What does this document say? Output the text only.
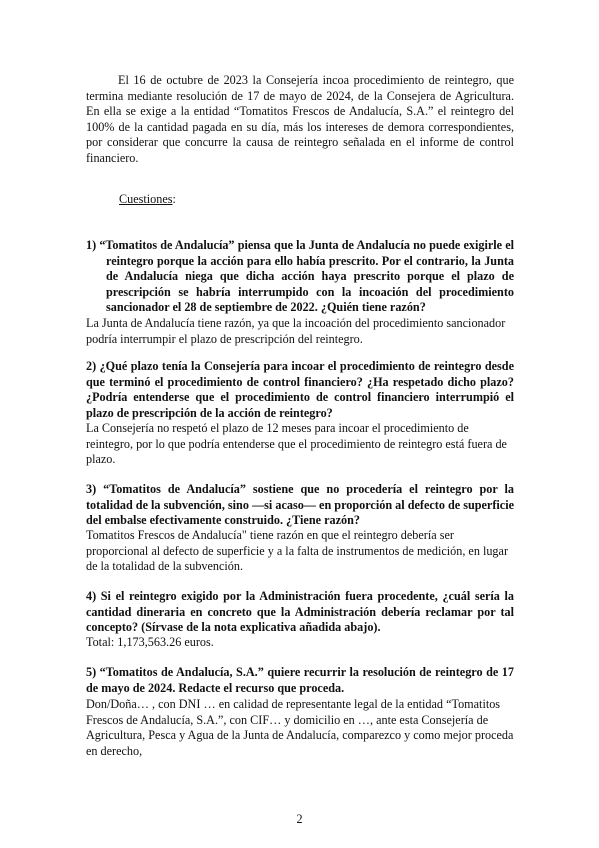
El 16 de octubre de 2023 la Consejería incoa procedimiento de reintegro, que termina mediante resolución de 17 de mayo de 2024, de la Consejera de Agricultura. En ella se exige a la entidad “Tomatitos Frescos de Andalucía, S.A.” el reintegro del 100% de la cantidad pagada en su día, más los intereses de demora correspondientes, por considerar que concurre la causa de reintegro señalada en el informe de control financiero.

Cuestiones:

1) “Tomatitos de Andalucía” piensa que la Junta de Andalucía no puede exigirle el reintegro porque la acción para ello había prescrito. Por el contrario, la Junta de Andalucía niega que dicha acción haya prescrito porque el plazo de prescripción se habría interrumpido con la incoación del procedimiento sancionador el 28 de septiembre de 2022. ¿Quién tiene razón?

La Junta de Andalucía tiene razón, ya que la incoación del procedimiento sancionador podría interrumpir el plazo de prescripción del reintegro.

2) ¿Qué plazo tenía la Consejería para incoar el procedimiento de reintegro desde que terminó el procedimiento de control financiero? ¿Ha respetado dicho plazo? ¿Podría entenderse que el procedimiento de control financiero interrumpió el plazo de prescripción de la acción de reintegro?

La Consejería no respetó el plazo de 12 meses para incoar el procedimiento de reintegro, por lo que podría entenderse que el procedimiento de reintegro está fuera de plazo.

3) “Tomatitos de Andalucía” sostiene que no procedería el reintegro por la totalidad de la subvención, sino ––si acaso–– en proporción al defecto de superficie del embalse efectivamente construido. ¿Tiene razón?

Tomatitos Frescos de Andalucía" tiene razón en que el reintegro debería ser proporcional al defecto de superficie y a la falta de instrumentos de medición, en lugar de la totalidad de la subvención.

4) Si el reintegro exigido por la Administración fuera procedente, ¿cuál sería la cantidad dineraria en concreto que la Administración debería reclamar por tal concepto? (Sírvase de la nota explicativa añadida abajo).

Total: 1,173,563.26 euros.

5) “Tomatitos de Andalucía, S.A.” quiere recurrir la resolución de reintegro de 17 de mayo de 2024. Redacte el recurso que proceda.

Don/Doña… , con DNI … en calidad de representante legal de la entidad “Tomatitos Frescos de Andalucía, S.A.”, con CIF… y domicilio en …, ante esta Consejería de Agricultura, Pesca y Agua de la Junta de Andalucía, comparezco y como mejor proceda en derecho,

2
